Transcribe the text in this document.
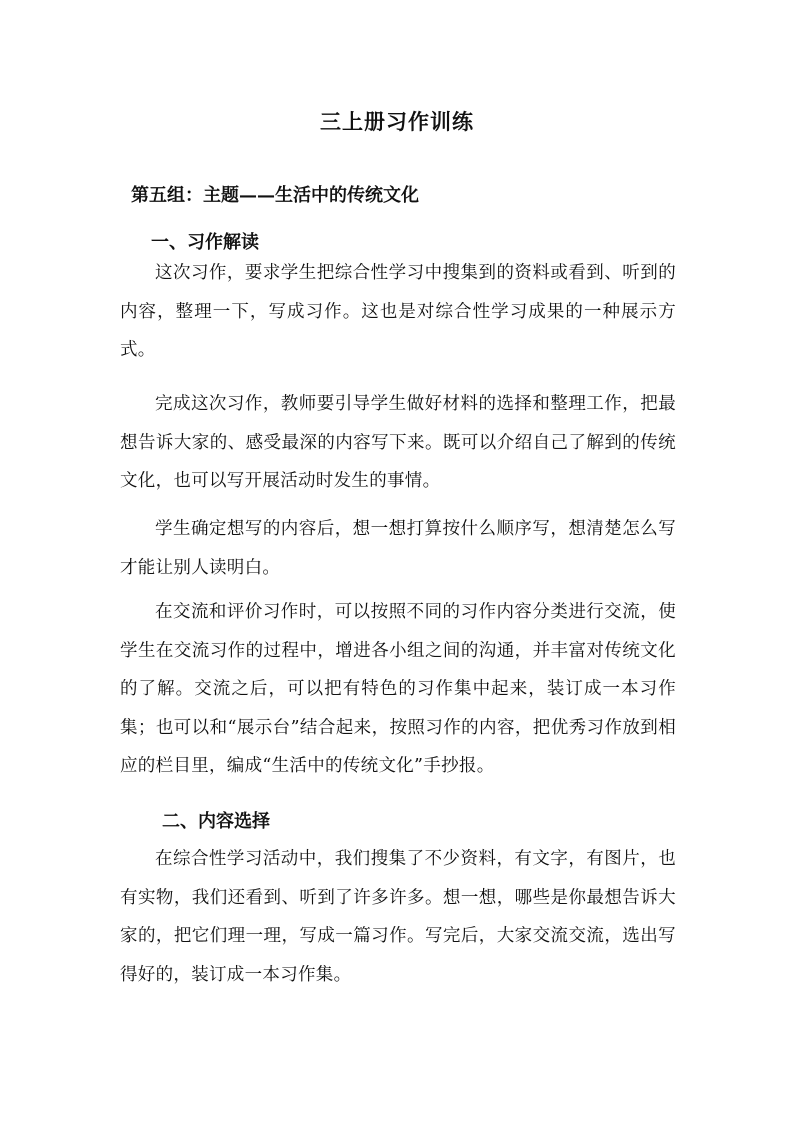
三上册习作训练
第五组：主题——生活中的传统文化
一、习作解读

这次习作，要求学生把综合性学习中搜集到的资料或看到、听到的内容，整理一下，写成习作。这也是对综合性学习成果的一种展示方式。

完成这次习作，教师要引导学生做好材料的选择和整理工作，把最想告诉大家的、感受最深的内容写下来。既可以介绍自己了解到的传统文化，也可以写开展活动时发生的事情。

学生确定想写的内容后，想一想打算按什么顺序写，想清楚怎么写才能让别人读明白。

在交流和评价习作时，可以按照不同的习作内容分类进行交流，使学生在交流习作的过程中，增进各小组之间的沟通，并丰富对传统文化的了解。交流之后，可以把有特色的习作集中起来，装订成一本习作集；也可以和“展示台”结合起来，按照习作的内容，把优秀习作放到相应的栏目里，编成“生活中的传统文化”手抄报。

二、内容选择

在综合性学习活动中，我们搜集了不少资料，有文字，有图片，也有实物，我们还看到、听到了许多许多。想一想，哪些是你最想告诉大家的，把它们理一理，写成一篇习作。写完后，大家交流交流，选出写得好的，装订成一本习作集。
